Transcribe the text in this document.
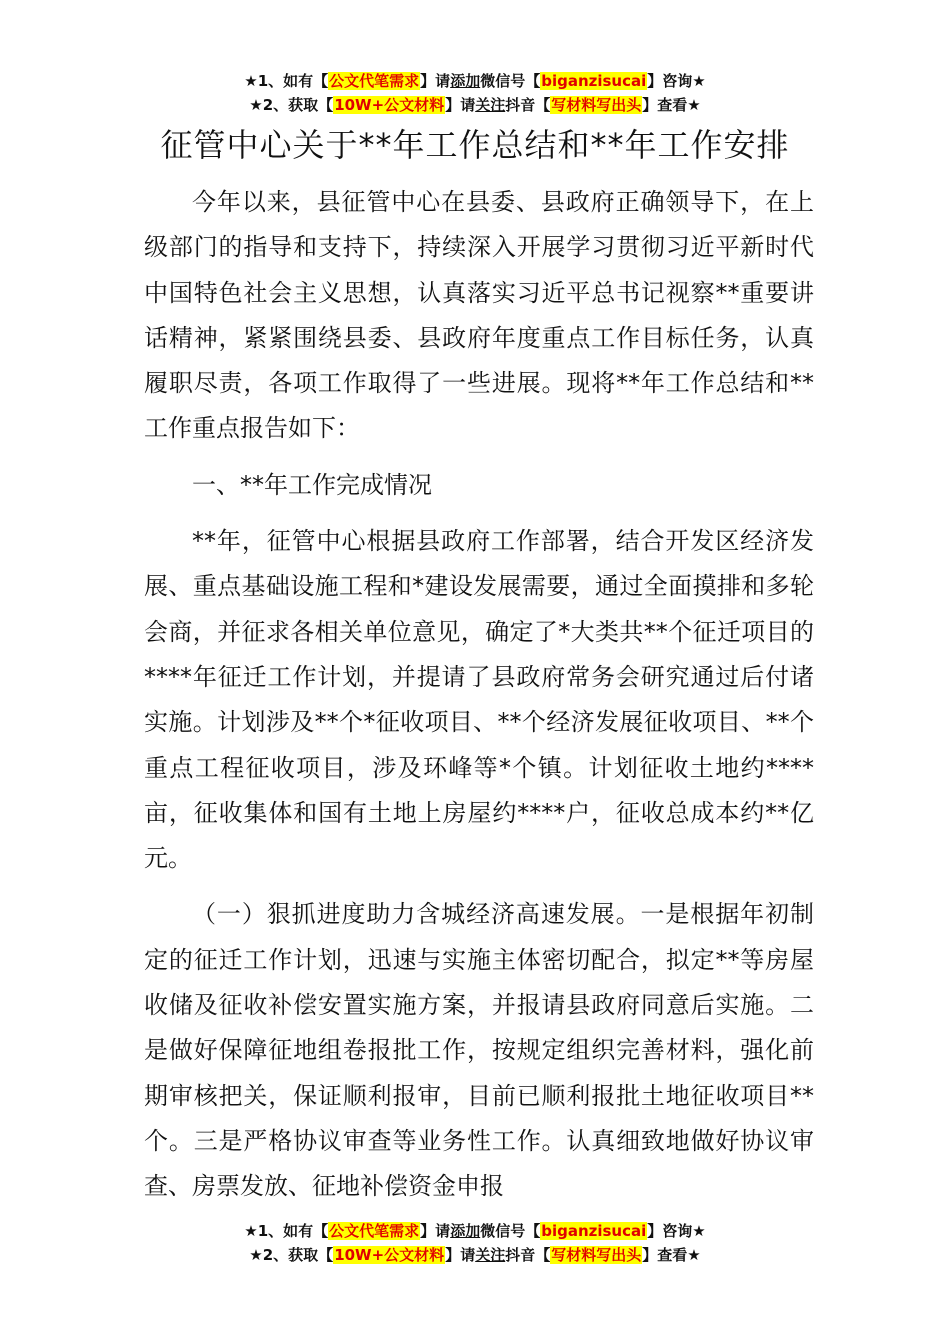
★1、如有【公文代笔需求】请添加微信号【biganzisucai】咨询★
★2、获取【10W+公文材料】请关注抖音【写材料写出头】查看★
征管中心关于**年工作总结和**年工作安排

今年以来，县征管中心在县委、县政府正确领导下，在上级部门的指导和支持下，持续深入开展学习贯彻习近平新时代中国特色社会主义思想，认真落实习近平总书记视察**重要讲话精神，紧紧围绕县委、县政府年度重点工作目标任务，认真履职尽责，各项工作取得了一些进展。现将**年工作总结和**工作重点报告如下：

一、**年工作完成情况

**年，征管中心根据县政府工作部署，结合开发区经济发展、重点基础设施工程和*建设发展需要，通过全面摸排和多轮会商，并征求各相关单位意见，确定了*大类共**个征迁项目的****年征迁工作计划，并提请了县政府常务会研究通过后付诸实施。计划涉及**个*征收项目、**个经济发展征收项目、**个重点工程征收项目，涉及环峰等*个镇。计划征收土地约****亩，征收集体和国有土地上房屋约****户，征收总成本约**亿元。

（一）狠抓进度助力含城经济高速发展。一是根据年初制定的征迁工作计划，迅速与实施主体密切配合，拟定**等房屋收储及征收补偿安置实施方案，并报请县政府同意后实施。二是做好保障征地组卷报批工作，按规定组织完善材料，强化前期审核把关，保证顺利报审，目前已顺利报批土地征收项目**个。三是严格协议审查等业务性工作。认真细致地做好协议审查、房票发放、征地补偿资金申报

★1、如有【公文代笔需求】请添加微信号【biganzisucai】咨询★
★2、获取【10W+公文材料】请关注抖音【写材料写出头】查看★
